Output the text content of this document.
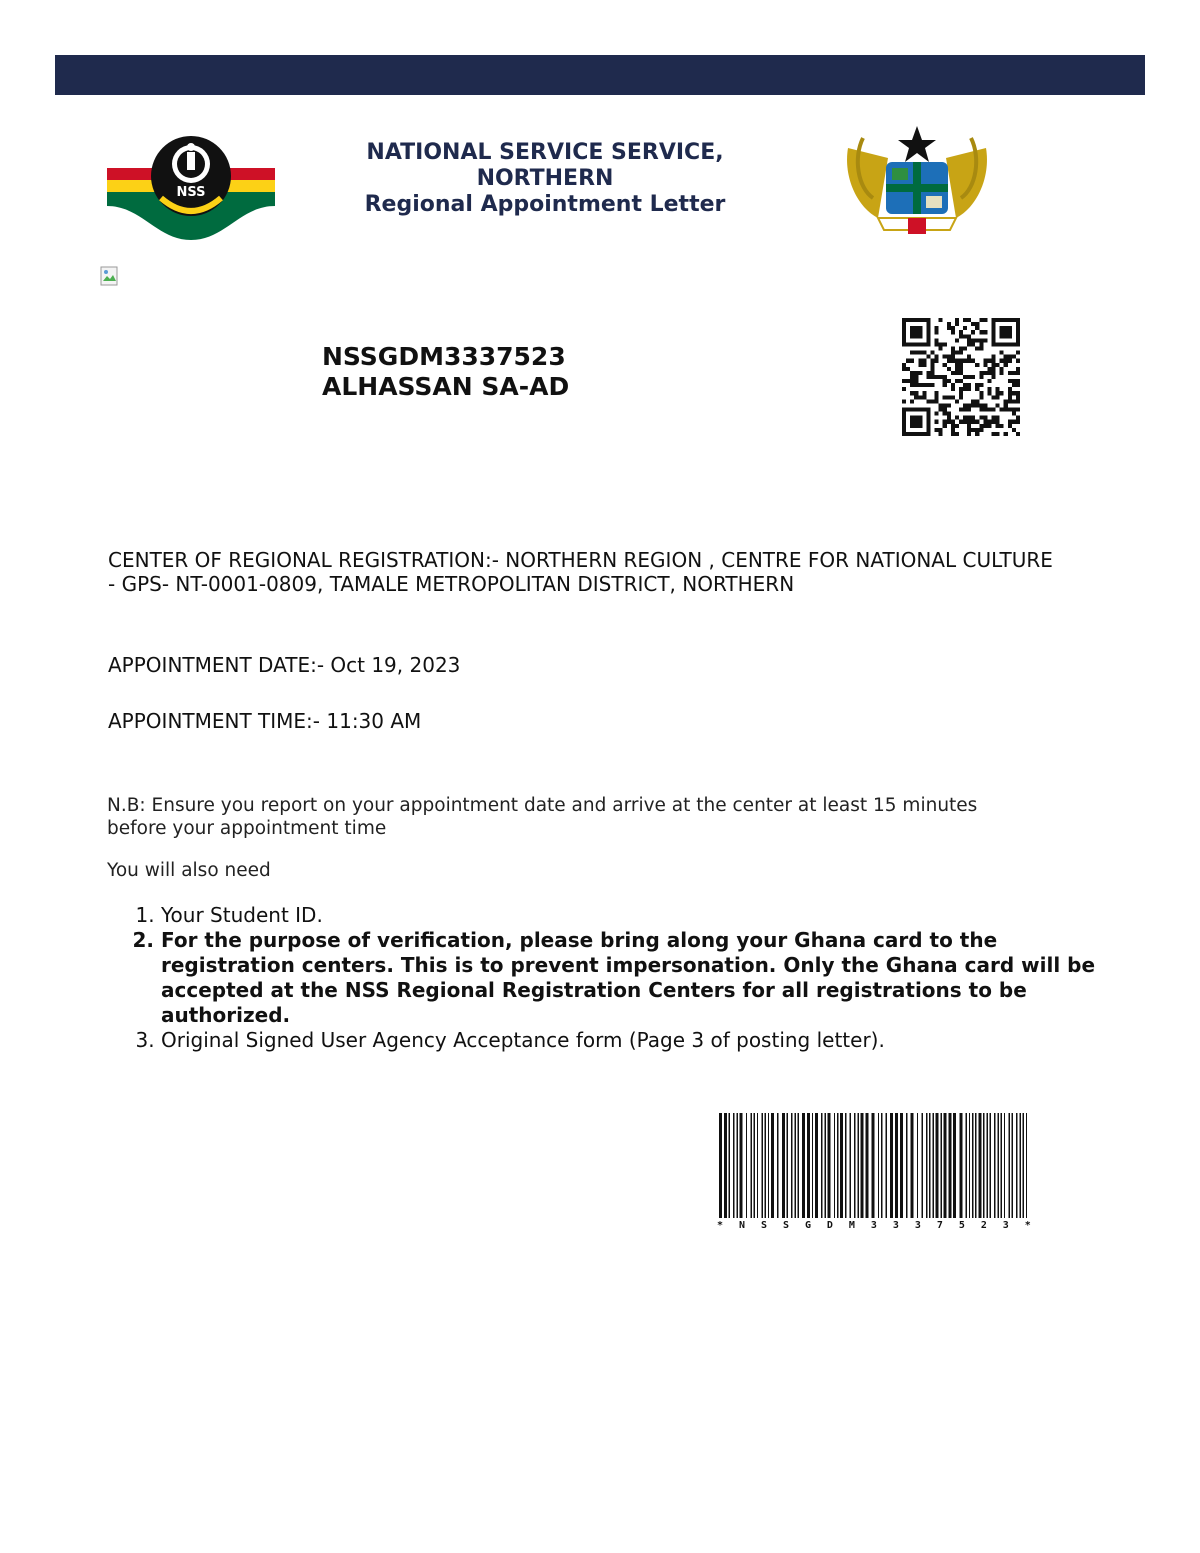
NSS
NATIONAL SERVICE SERVICE,
NORTHERN
Regional Appointment Letter
NSSGDM3337523
ALHASSAN SA-AD
CENTER OF REGIONAL REGISTRATION:- NORTHERN REGION , CENTRE FOR NATIONAL CULTURE - GPS- NT-0001-0809, TAMALE METROPOLITAN DISTRICT, NORTHERN
APPOINTMENT DATE:- Oct 19, 2023
APPOINTMENT TIME:- 11:30 AM
N.B: Ensure you report on your appointment date and arrive at the center at least 15 minutes before your appointment time
You will also need
1. Your Student ID.
2. For the purpose of verification, please bring along your Ghana card to the registration centers. This is to prevent impersonation. Only the Ghana card will be accepted at the NSS Regional Registration Centers for all registrations to be authorized.
3. Original Signed User Agency Acceptance form (Page 3 of posting letter).
* N S S G D M 3 3 3 7 5 2 3 *
